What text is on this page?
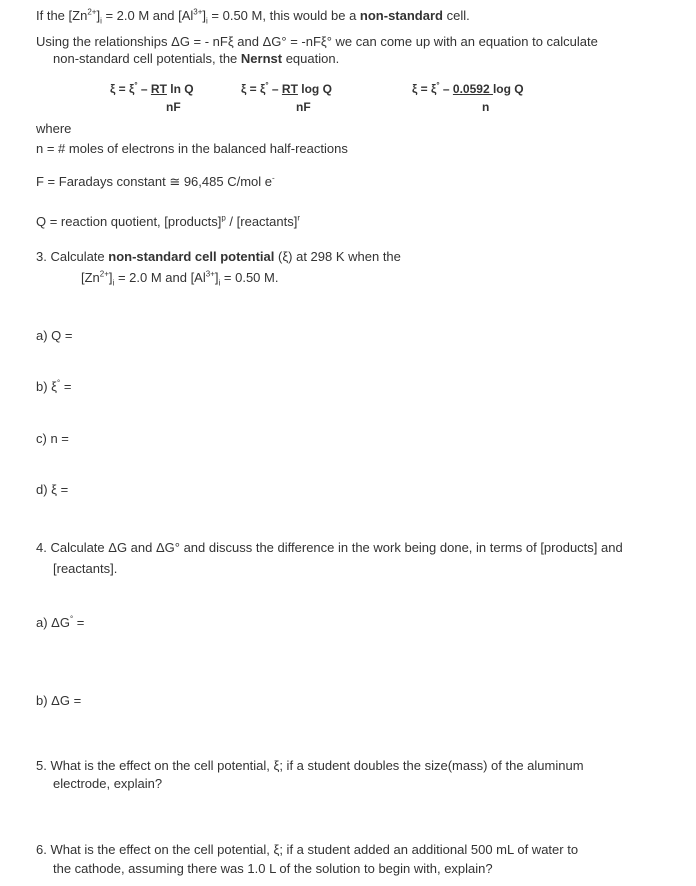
If the $[Zn^{2+}]_i = 2.0$ M and $[Al^{3+}]_i = 0.50$ M, this would be a non-standard cell.
Using the relationships ΔG = - nFξ and ΔG° = -nFξ° we can come up with an equation to calculate
non-standard cell potentials, the Nernst equation.
ξ = ξ° – RT ln Q
nF
ξ = ξ° – RT log Q
nF
ξ = ξ° – 0.0592 log Q
n
where
n = # moles of electrons in the balanced half-reactions
F = Faradays constant ≅ 96,485 C/mol e-
Q = reaction quotient, [products]$^p$ / [reactants]$^r$
3. Calculate non-standard cell potential (ξ) at 298 K when the
$[Zn^{2+}]_i = 2.0$ M and $[Al^{3+}]_i = 0.50$ M.
a) Q =
b) ξ° =
c) n =
d) ξ =
4. Calculate ΔG and ΔG° and discuss the difference in the work being done, in terms of [products] and
[reactants].
a) ΔG° =
b) ΔG =
5. What is the effect on the cell potential, ξ; if a student doubles the size(mass) of the aluminum
electrode, explain?
6. What is the effect on the cell potential, ξ; if a student added an additional 500 mL of water to
the cathode, assuming there was 1.0 L of the solution to begin with, explain?
